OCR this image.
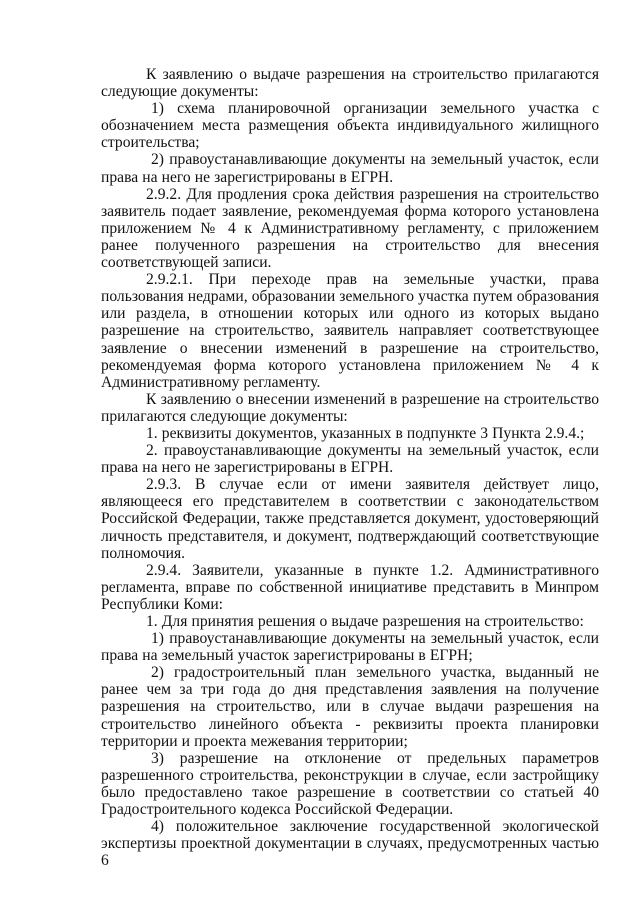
К заявлению о выдаче разрешения на строительство прилагаются следующие документы:

1) схема планировочной организации земельного участка с обозначением места размещения объекта индивидуального жилищного строительства;

2) правоустанавливающие документы на земельный участок, если права на него не зарегистрированы в ЕГРН.

2.9.2. Для продления срока действия разрешения на строительство заявитель подает заявление, рекомендуемая форма которого установлена приложением № 4 к Административному регламенту, с приложением ранее полученного разрешения на строительство для внесения соответствующей записи.

2.9.2.1. При переходе прав на земельные участки, права пользования недрами, образовании земельного участка путем образования или раздела, в отношении которых или одного из которых выдано разрешение на строительство, заявитель направляет соответствующее заявление о внесении изменений в разрешение на строительство, рекомендуемая форма которого установлена приложением № 4 к Административному регламенту.

К заявлению о внесении изменений в разрешение на строительство прилагаются следующие документы:

1. реквизиты документов, указанных в подпункте 3 Пункта 2.9.4.;

2. правоустанавливающие документы на земельный участок, если права на него не зарегистрированы в ЕГРН.

2.9.3. В случае если от имени заявителя действует лицо, являющееся его представителем в соответствии с законодательством Российской Федерации, также представляется документ, удостоверяющий личность представителя, и документ, подтверждающий соответствующие полномочия.

2.9.4. Заявители, указанные в пункте 1.2. Административного регламента, вправе по собственной инициативе представить в Минпром Республики Коми:

1. Для принятия решения о выдаче разрешения на строительство:

1) правоустанавливающие документы на земельный участок, если права на земельный участок зарегистрированы в ЕГРН;

2) градостроительный план земельного участка, выданный не ранее чем за три года до дня представления заявления на получение разрешения на строительство, или в случае выдачи разрешения на строительство линейного объекта - реквизиты проекта планировки территории и проекта межевания территории;

3) разрешение на отклонение от предельных параметров разрешенного строительства, реконструкции в случае, если застройщику было предоставлено такое разрешение в соответствии со статьей 40 Градостроительного кодекса Российской Федерации.

4) положительное заключение государственной экологической экспертизы проектной документации в случаях, предусмотренных частью 6
